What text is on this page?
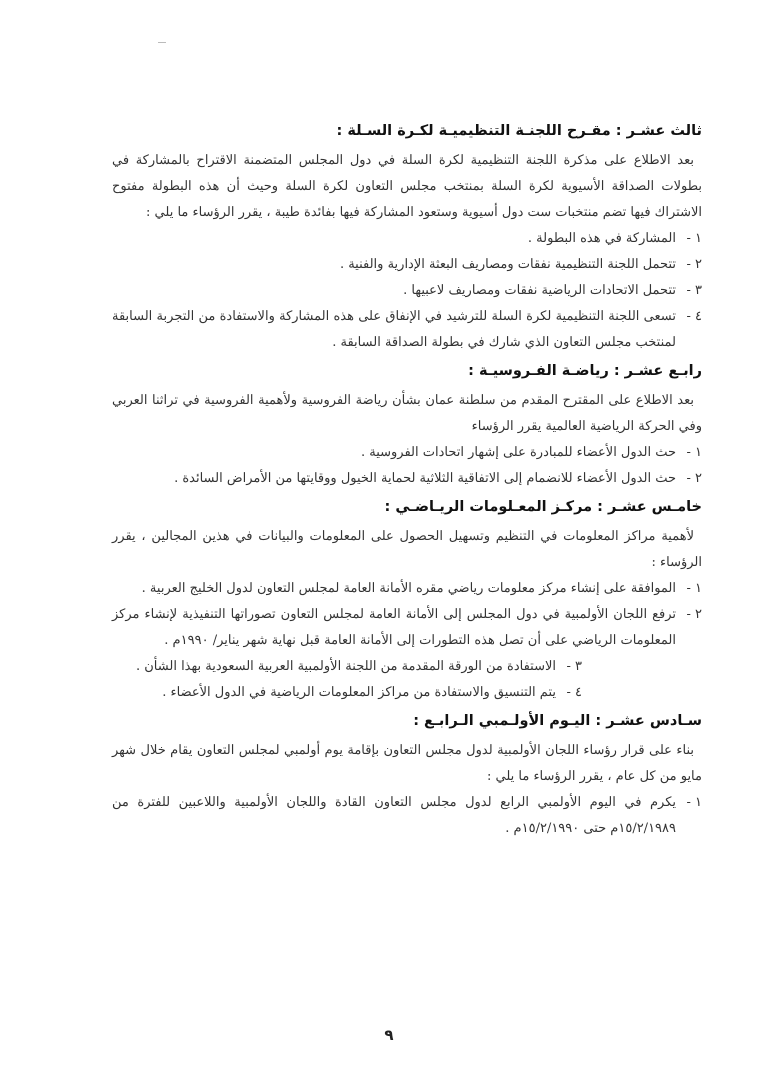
ثالث عشـر : مقـرح اللجنـة التنظيميـة لكـرة السـلة :

بعد الاطلاع على مذكرة اللجنة التنظيمية لكرة السلة في دول المجلس المتضمنة الاقتراح بالمشاركة في بطولات الصداقة الأسيوية لكرة السلة بمنتخب مجلس التعاون لكرة السلة وحيث أن هذه البطولة مفتوح الاشتراك فيها تضم منتخبات ست دول أسيوية وستعود المشاركة فيها بفائدة طيبة ، يقرر الرؤساء ما يلي :

١ -
المشاركة في هذه البطولة .
٢ -
تتحمل اللجنة التنظيمية نفقات ومصاريف البعثة الإدارية والفنية .
٣ -
تتحمل الاتحادات الرياضية نفقات ومصاريف لاعبيها .
٤ -
تسعى اللجنة التنظيمية لكرة السلة للترشيد في الإنفاق على هذه المشاركة والاستفادة من التجربة السابقة لمنتخب مجلس التعاون الذي شارك في بطولة الصداقة السابقة .
رابـع عشـر : رياضـة الفـروسيـة :

بعد الاطلاع على المقترح المقدم من سلطنة عمان بشأن رياضة الفروسية ولأهمية الفروسية في تراثنا العربي وفي الحركة الرياضية العالمية يقرر الرؤساء

١ -
حث الدول الأعضاء للمبادرة على إشهار اتحادات الفروسية .
٢ -
حث الدول الأعضاء للانضمام إلى الاتفاقية الثلاثية لحماية الخيول ووقايتها من الأمراض السائدة .
خامـس عشـر : مركـز المعـلومات الريـاضـي :

لأهمية مراكز المعلومات في التنظيم وتسهيل الحصول على المعلومات والبيانات في هذين المجالين ، يقرر الرؤساء :

١ -
الموافقة على إنشاء مركز معلومات رياضي مقره الأمانة العامة لمجلس التعاون لدول الخليج العربية .
٢ -
ترفع اللجان الأولمبية في دول المجلس إلى الأمانة العامة لمجلس التعاون تصوراتها التنفيذية لإنشاء مركز المعلومات الرياضي على أن تصل هذه التطورات إلى الأمانة العامة قبل نهاية شهر يناير/ ١٩٩٠م .
٣ -
الاستفادة من الورقة المقدمة من اللجنة الأولمبية العربية السعودية بهذا الشأن .
٤ -
يتم التنسيق والاستفادة من مراكز المعلومات الرياضية في الدول الأعضاء .
سـادس عشـر : اليـوم الأولـمبي الـرابـع :

بناء على قرار رؤساء اللجان الأولمبية لدول مجلس التعاون بإقامة يوم أولمبي لمجلس التعاون يقام خلال شهر مايو من كل عام ، يقرر الرؤساء ما يلي :

١ -
يكرم في اليوم الأولمبي الرابع لدول مجلس التعاون القادة واللجان الأولمبية واللاعبين للفترة من ١٥/٢/١٩٨٩م حتى ١٥/٢/١٩٩٠م .
٩
